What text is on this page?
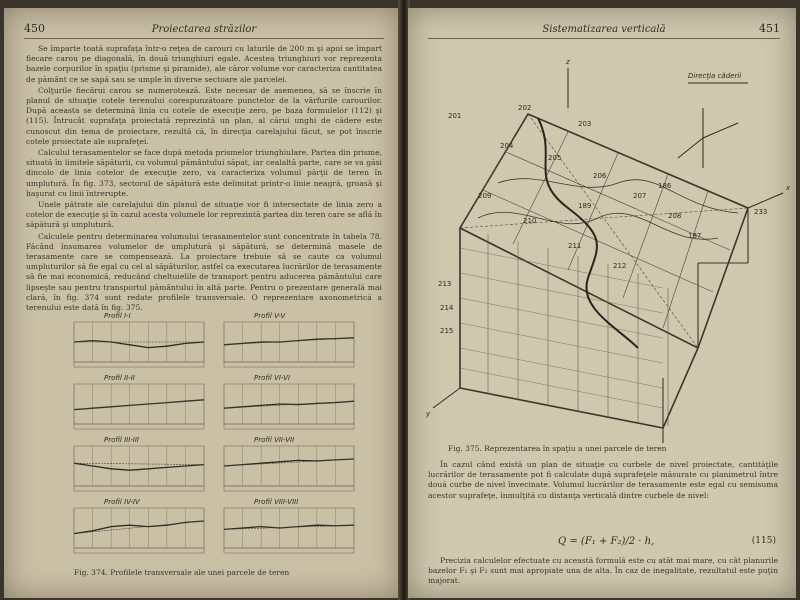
450	Proiectarea străzilor

Se împarte toată suprafaţa într-o reţea de carouri cu laturile de 200 m şi apoi se împart fiecare carou pe diagonală, în două triunghiuri egale. Acestea triunghiuri vor reprezenta bazele corpurilor în spaţiu (prisme şi piramide), ale căror volume vor caracteriza cantitatea de pământ ce se sapă sau se umple în diverse sectoare ale parcelei.

Colţurile fiecărui carou se numerotează. Este necesar de asemenea, să se înscrie în planul de situaţie cotele terenului corespunzătoare punctelor de la vârfurile carourilor. După aceasta se determină linia cu cotele de execuţie zero, pe baza formulelor (112) şi (115). Întrucât suprafaţa proiectată reprezintă un plan, al cărui unghi de cădere este cunoscut din tema de proiectare, rezultă că, în direcţia carelajului făcut, se pot înscrie cotele proiectate ale suprafeţei.

Calculul terasamentelor se face după metoda prismelor triunghiulare. Partea din prisme, situată în limitele săpăturii, cu volumul pământului săpat, iar cealaltă parte, care se va găsi dincolo de linia cotelor de execuţie zero, va caracteriza volumul părţii de teren în umplutură. În fig. 373, sectorul de săpătură este delimitat printr-o linie neagră, groasă şi haşurat cu linii întrerupte.

Unele pătrate ale carelajului din planul de situaţie vor fi intersectate de linia zero a cotelor de execuţie şi în cazul acesta volumele lor reprezintă partea din teren care se află în săpătură şi umplutură.

Calculele pentru determinarea volumului terasamentelor sunt concentrate în tabela 78. Făcând însumarea volumelor de umplutură şi săpătură, se determină masele de terasamente care se compensează. La proiectare trebuie să se caute ca volumul umpluturilor să fie egal cu cel al săpăturilor, astfel ca executarea lucrărilor de terasamente să fie mai economică, reducând cheltuielile de transport pentru aducerea pământului care lipseşte sau pentru transportul pământului în altă parte. Pentru o prezentare generală mai clară, în fig. 374 sunt redate profilele transversale. O reprezentare axonometrică a terenului este dată în fig. 375.

Profil I-I	Profil V-V
Profil II-II	Profil VI-VI
Profil III-III	Profil VII-VII
Profil IV-IV	Profil VIII-VIII
Fig. 374. Profilele transversale ale unei parcele de teren
Sistematizarea verticală	451
201
202
203
204
205
206
207
208
209
210
211
212
213
214
215
233
186
187
189
x
y
z
Direcţia căderii
Fig. 375. Reprezentarea în spaţiu a unei parcele de teren

În cazul când există un plan de situaţie cu curbele de nivel proiectate, cantităţile lucrărilor de terasamente pot fi calculate după suprafeţele măsurate cu planimetrul între două curbe de nivel învecinate. Volumul lucrărilor de terasamente este egal cu semisuma acestor suprafeţe, înmulţită cu distanţa verticală dintre curbele de nivel:

Q = (F₁ + F₂)/2 · h,	(115)

Precizia calculelor efectuate cu această formulă este cu atât mai mare, cu cât planurile bazelor F₁ şi F₂ sunt mai apropiate una de alta. În caz de inegalitate, rezultatul este puţin majorat.
